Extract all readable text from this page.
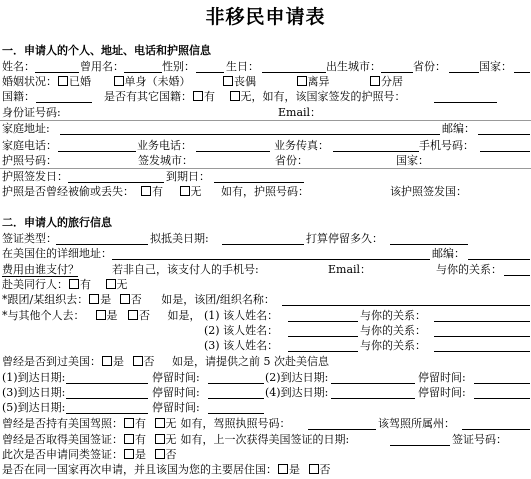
非移民申请表
一．申请人的个人、地址、电话和护照信息
姓名：	曾用名：	性别：	生日：	出生城市：	省份：	国家：
婚姻状况： 已婚	单身（未婚）	丧偶	离异	分居
国籍：	是否有其它国籍： 有 无，如有，该国家签发的护照号：
身份证号码:	Email：
家庭地址:	邮编：
家庭电话：	业务电话：	业务传真：	手机号码：
护照号码：	签发城市：	省份：	国家：
护照签发日：	到期日：
护照是否曾经被偷或丢失： 有	无 如有，护照号码：	该护照签发国：
二．申请人的旅行信息
签证类型：	拟抵美日期:	打算停留多久：
在美国住的详细地址：	邮编：
费用由谁支付？	若非自己，该支付人的手机号:	Email：	与你的关系：
赴美同行人： 有 无
*跟团/某组织去： 是 否 如是，该团/组织名称：
*与其他个人去： 是 否 如是， (1) 该人姓名：	与你的关系：
(2) 该人姓名：	与你的关系：
(3) 该人姓名：	与你的关系：
曾经是否到过美国： 是 否 如是，请提供之前 5 次赴美信息
(1)到达日期:	停留时间:	(2)到达日期:	停留时间:
(3)到达日期:	停留时间:	(4)到达日期:	停留时间:
(5)到达日期:	停留时间:
曾经是否持有美国驾照： 有 无 如有，驾照执照号码：	该驾照所属州：
曾经是否取得美国签证： 有 无 如有，上一次获得美国签证的日期:	签证号码：
此次是否申请同类签证： 是 否
是否在同一国家再次申请，并且该国为您的主要居住国： 是 否
